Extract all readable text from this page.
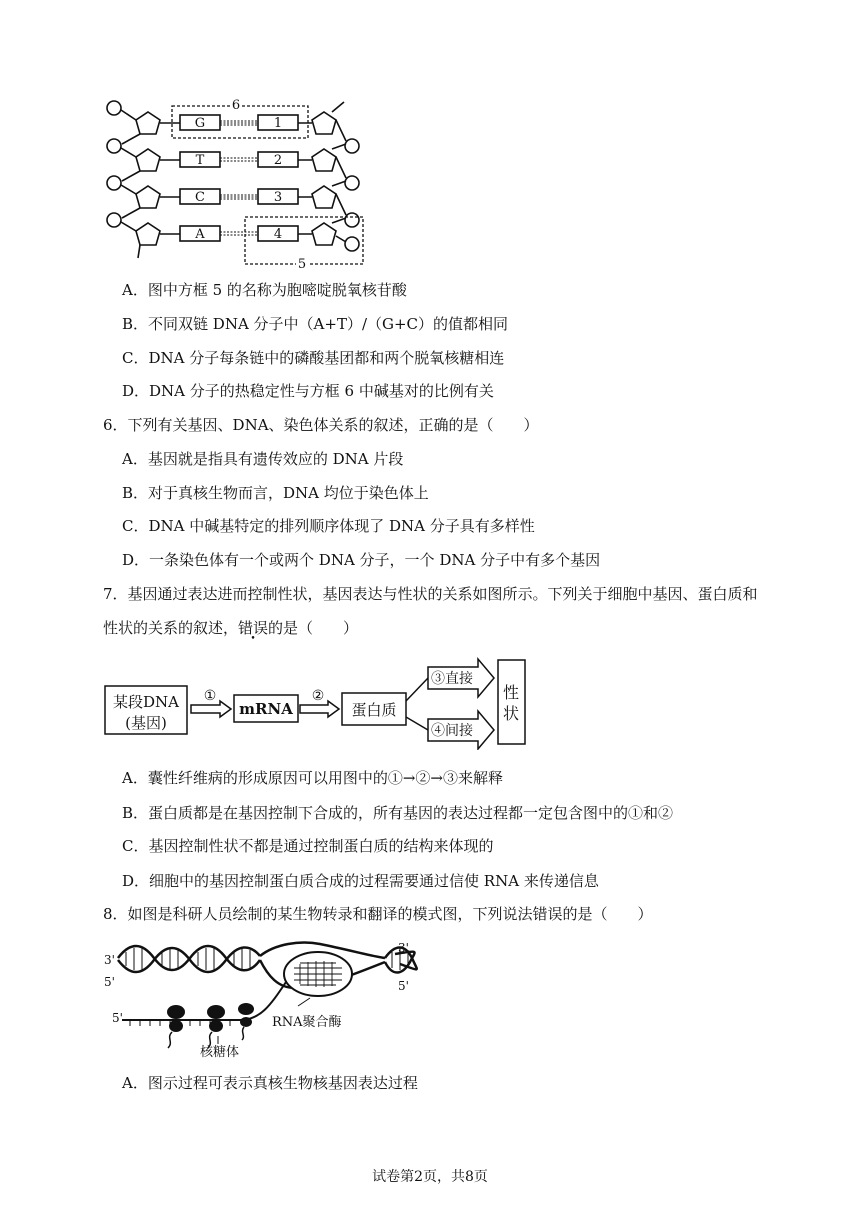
6
5
G
T
C
A
1
2
3
4
A．图中方框 5 的名称为胞嘧啶脱氧核苷酸
B．不同双链 DNA 分子中（A+T）/（G+C）的值都相同
C．DNA 分子每条链中的磷酸基团都和两个脱氧核糖相连
D．DNA 分子的热稳定性与方框 6 中碱基对的比例有关
6．下列有关基因、DNA、染色体关系的叙述，正确的是（　　）
A．基因就是指具有遗传效应的 DNA 片段
B．对于真核生物而言，DNA 均位于染色体上
C．DNA 中碱基特定的排列顺序体现了 DNA 分子具有多样性
D．一条染色体有一个或两个 DNA 分子，一个 DNA 分子中有多个基因
7．基因通过表达进而控制性状，基因表达与性状的关系如图所示。下列关于细胞中基因、蛋白质和
性状的关系的叙述，错误的是（　　）
某段DNA
(基因)
①
mRNA
②
蛋白质
③直接
④间接
性
状
A．囊性纤维病的形成原因可以用图中的①→②→③来解释
B．蛋白质都是在基因控制下合成的，所有基因的表达过程都一定包含图中的①和②
C．基因控制性状不都是通过控制蛋白质的结构来体现的
D．细胞中的基因控制蛋白质合成的过程需要通过信使 RNA 来传递信息
8．如图是科研人员绘制的某生物转录和翻译的模式图，下列说法错误的是（　　）
3'
5'
3'
5'
5'	RNA聚合酶
核糖体
A．图示过程可表示真核生物核基因表达过程
试卷第2页，共8页
